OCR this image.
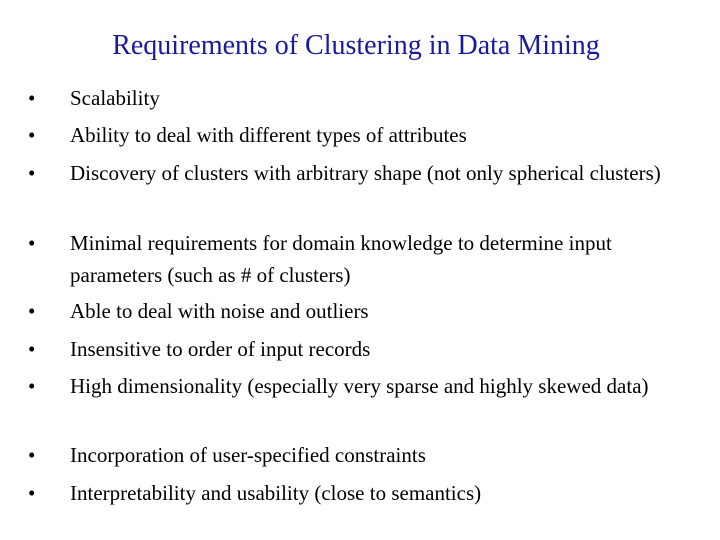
Requirements of Clustering in Data Mining
•	Scalability
•	Ability to deal with different types of attributes
•	Discovery of clusters with arbitrary shape (not only spherical clusters)
•	Minimal requirements for domain knowledge to determine input parameters (such as # of clusters)
•	Able to deal with noise and outliers
•	Insensitive to order of input records
•	High dimensionality (especially very sparse and highly skewed data)
•	Incorporation of user-specified constraints
•	Interpretability and usability (close to semantics)
